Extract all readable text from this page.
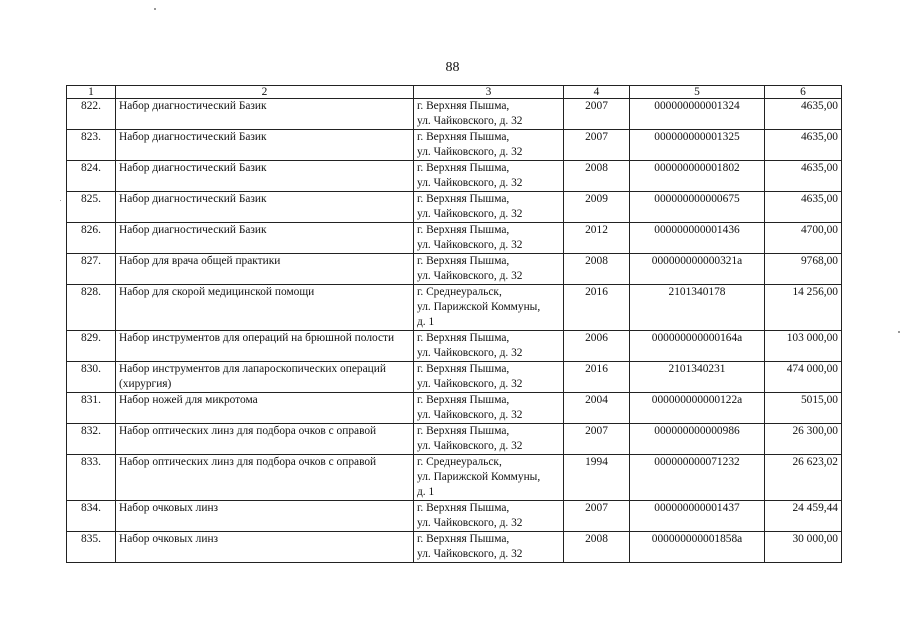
88
1	2	3	4	5	6
822.	Набор диагностический Базик	г. Верхняя Пышма,
ул. Чайковского, д. 32	2007	000000000001324	4635,00
823.	Набор диагностический Базик	г. Верхняя Пышма,
ул. Чайковского, д. 32	2007	000000000001325	4635,00
824.	Набор диагностический Базик	г. Верхняя Пышма,
ул. Чайковского, д. 32	2008	000000000001802	4635,00
825.	Набор диагностический Базик	г. Верхняя Пышма,
ул. Чайковского, д. 32	2009	000000000000675	4635,00
826.	Набор диагностический Базик	г. Верхняя Пышма,
ул. Чайковского, д. 32	2012	000000000001436	4700,00
827.	Набор для врача общей практики	г. Верхняя Пышма,
ул. Чайковского, д. 32	2008	000000000000321а	9768,00
828.	Набор для скорой медицинской помощи	г. Среднеуральск,
ул. Парижской Коммуны,
д. 1	2016	2101340178	14 256,00
829.	Набор инструментов для операций на брюшной полости	г. Верхняя Пышма,
ул. Чайковского, д. 32	2006	000000000000164а	103 000,00
830.	Набор инструментов для лапароскопических операций (хирургия)	г. Верхняя Пышма,
ул. Чайковского, д. 32	2016	2101340231	474 000,00
831.	Набор ножей для микротома	г. Верхняя Пышма,
ул. Чайковского, д. 32	2004	000000000000122а	5015,00
832.	Набор оптических линз для подбора очков с оправой	г. Верхняя Пышма,
ул. Чайковского, д. 32	2007	000000000000986	26 300,00
833.	Набор оптических линз для подбора очков с оправой	г. Среднеуральск,
ул. Парижской Коммуны,
д. 1	1994	000000000071232	26 623,02
834.	Набор очковых линз	г. Верхняя Пышма,
ул. Чайковского, д. 32	2007	000000000001437	24 459,44
835.	Набор очковых линз	г. Верхняя Пышма,
ул. Чайковского, д. 32	2008	000000000001858а	30 000,00
